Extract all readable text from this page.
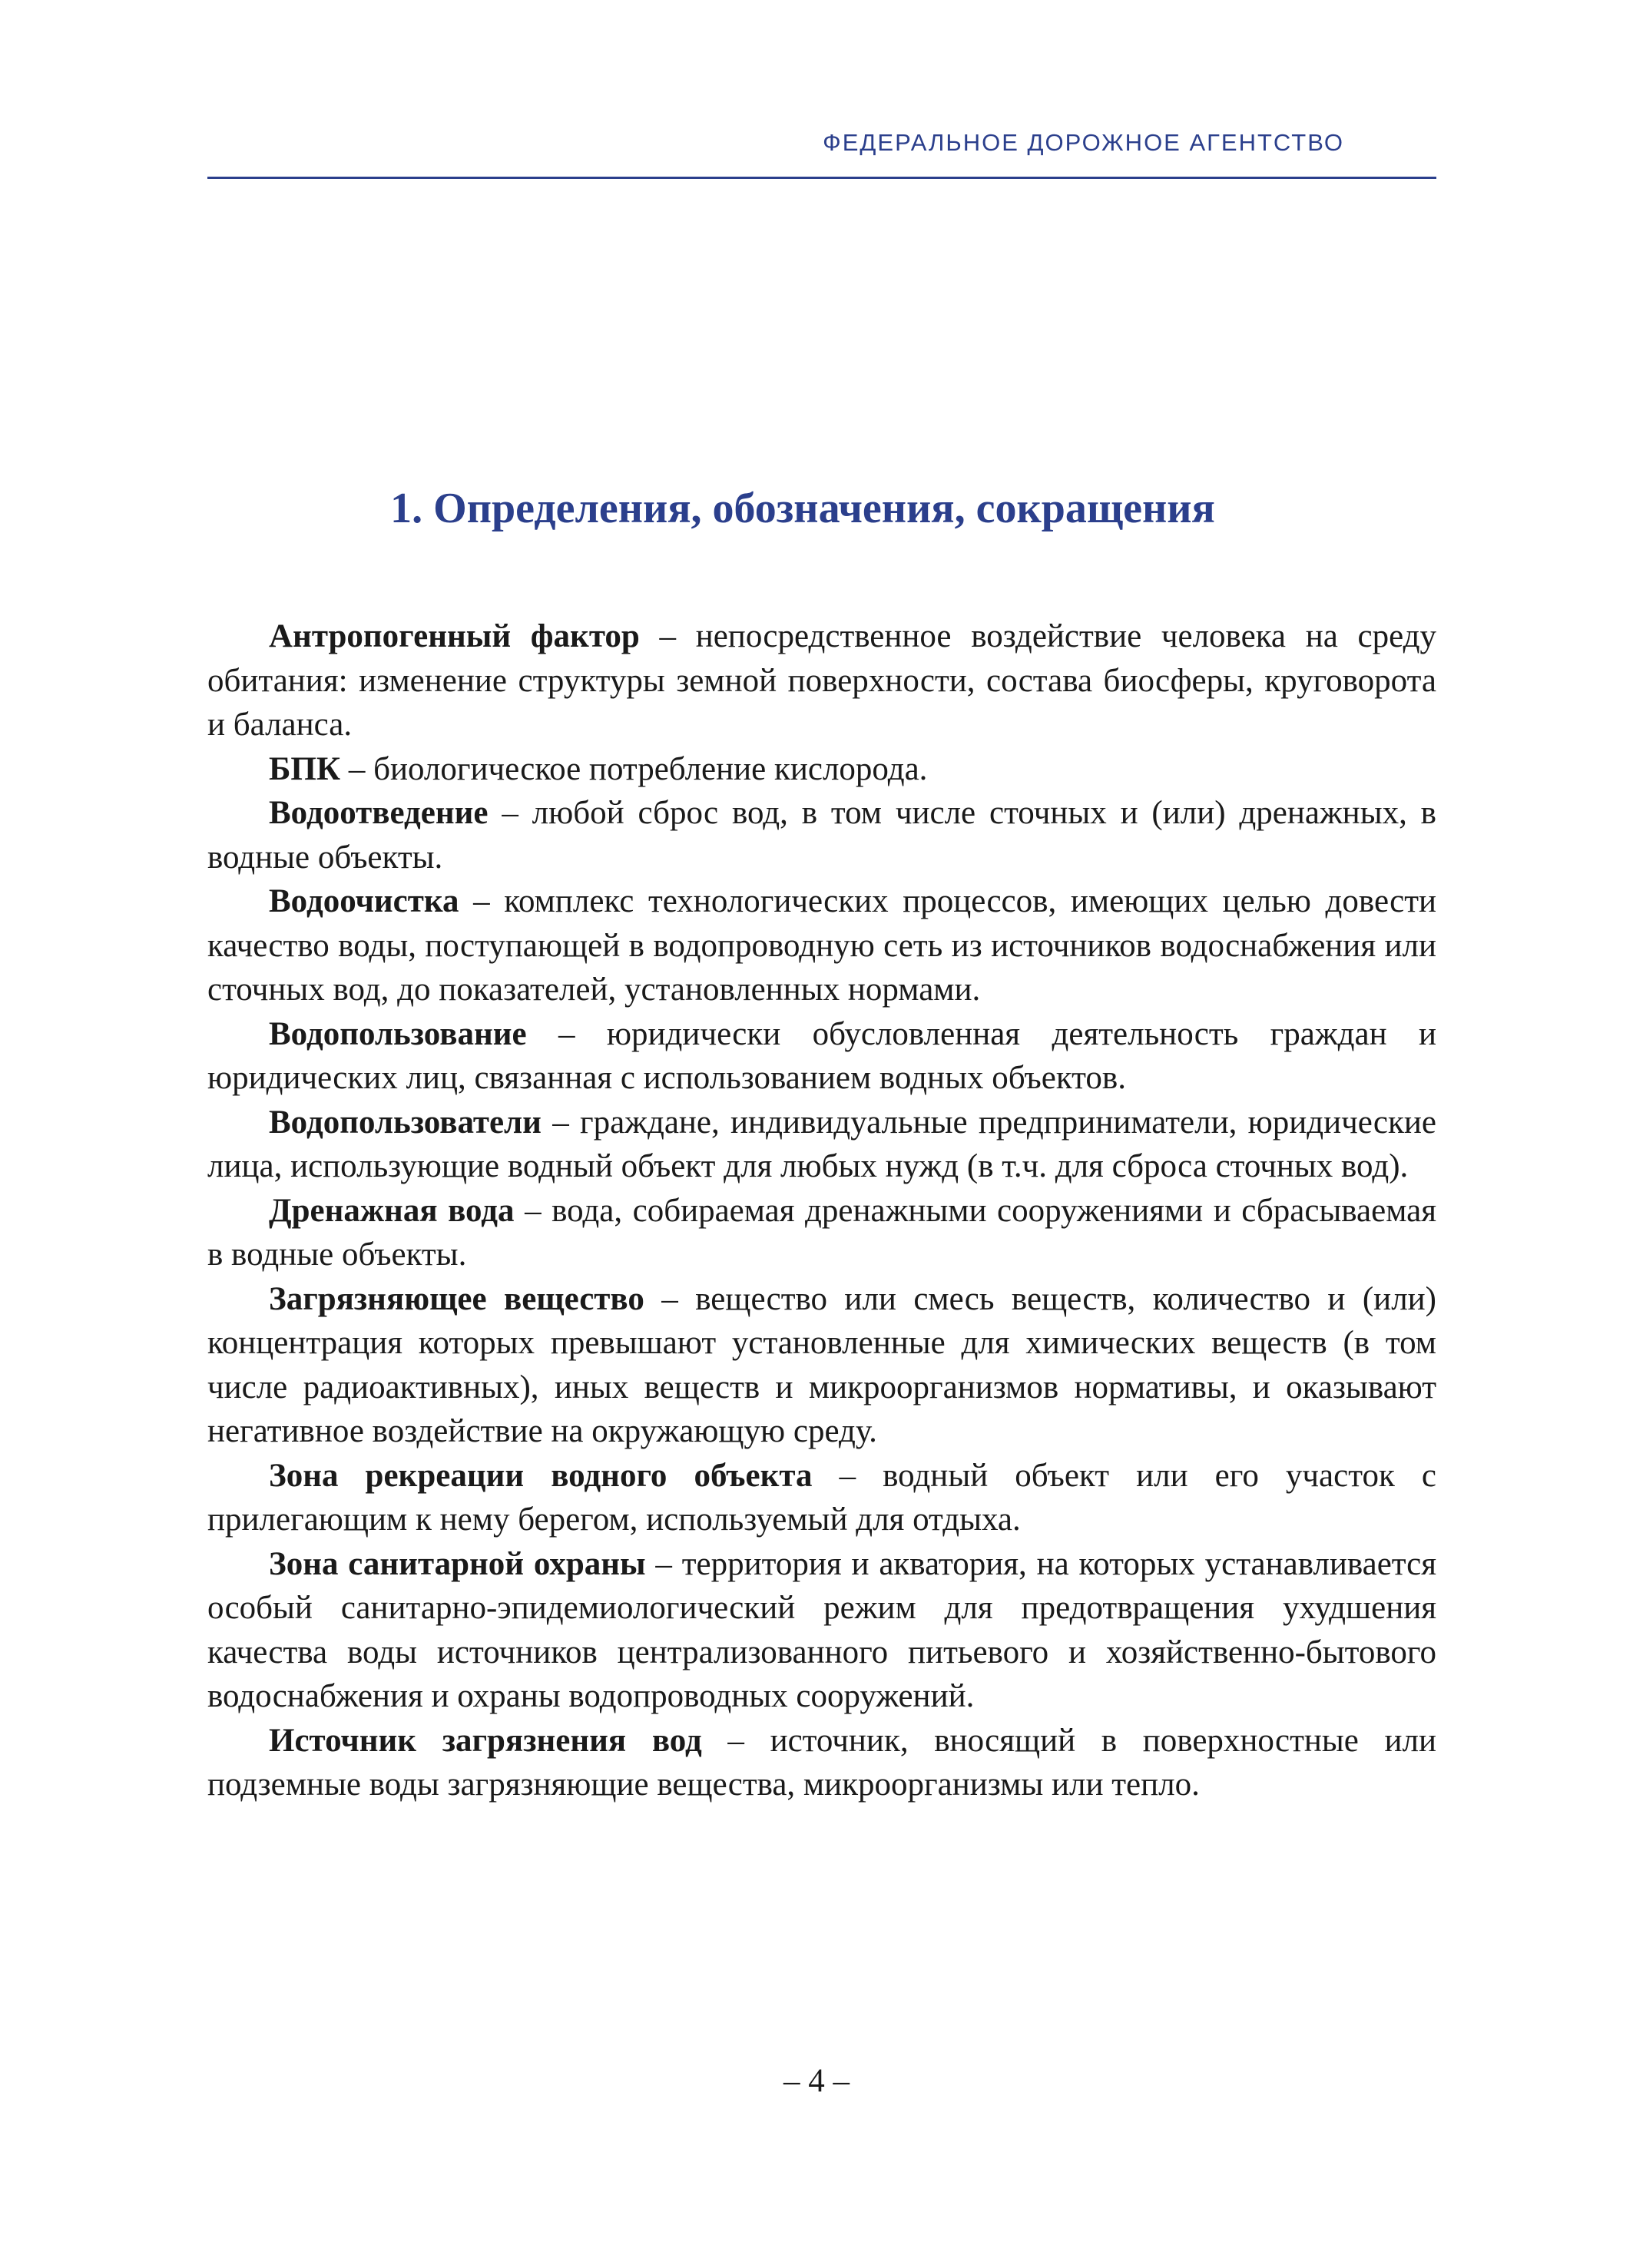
ФЕДЕРАЛЬНОЕ ДОРОЖНОЕ АГЕНТСТВО
1. Определения, обозначения, сокращения

Антропогенный фактор – непосредственное воздействие человека на среду обитания: изменение структуры земной поверхности, состава биосферы, круговорота и баланса.

БПК – биологическое потребление кислорода.

Водоотведение – любой сброс вод, в том числе сточных и (или) дренажных, в водные объекты.

Водоочистка – комплекс технологических процессов, имеющих целью довести качество воды, поступающей в водопроводную сеть из источников водоснабжения или сточных вод, до показателей, установленных нормами.

Водопользование – юридически обусловленная деятельность граждан и юридических лиц, связанная с использованием водных объектов.

Водопользователи – граждане, индивидуальные предприниматели, юридические лица, использующие водный объект для любых нужд (в т.ч. для сброса сточных вод).

Дренажная вода – вода, собираемая дренажными сооружениями и сбрасываемая в водные объекты.

Загрязняющее вещество – вещество или смесь веществ, количество и (или) концентрация которых превышают установленные для химических веществ (в том числе радиоактивных), иных веществ и микроорганизмов нормативы, и оказывают негативное воздействие на окружающую среду.

Зона рекреации водного объекта – водный объект или его участок с прилегающим к нему берегом, используемый для отдыха.

Зона санитарной охраны – территория и акватория, на которых устанавливается особый санитарно-эпидемиологический режим для предотвращения ухудшения качества воды источников централизованного питьевого и хозяйственно-бытового водоснабжения и охраны водопроводных сооружений.

Источник загрязнения вод – источник, вносящий в поверхностные или подземные воды загрязняющие вещества, микроорганизмы или тепло.

– 4 –
